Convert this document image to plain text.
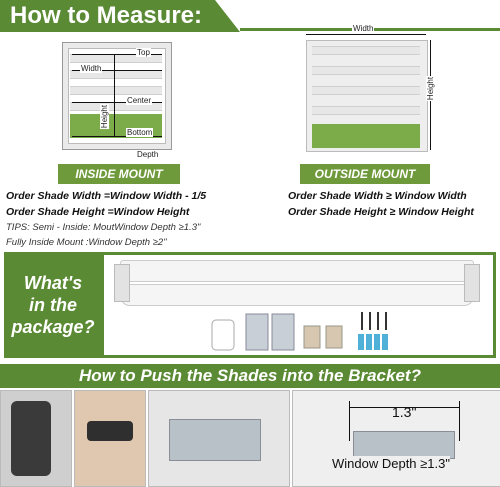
How to Measure:
Top
Width
Center
Height
Bottom
Depth
Width
Height
INSIDE MOUNT	OUTSIDE MOUNT
Order Shade Width =Window Width - 1/5
Order Shade Height =Window Height
TIPS: Semi - Inside: MoutWindow Depth ≥1.3"
Fully Inside Mount :Window Depth ≥2"
Order Shade Width ≥ Window Width
Order Shade Height ≥ Window Height
What's
in the
package?
How to Push the Shades into the Bracket?
1.3"
Window Depth ≥1.3"
